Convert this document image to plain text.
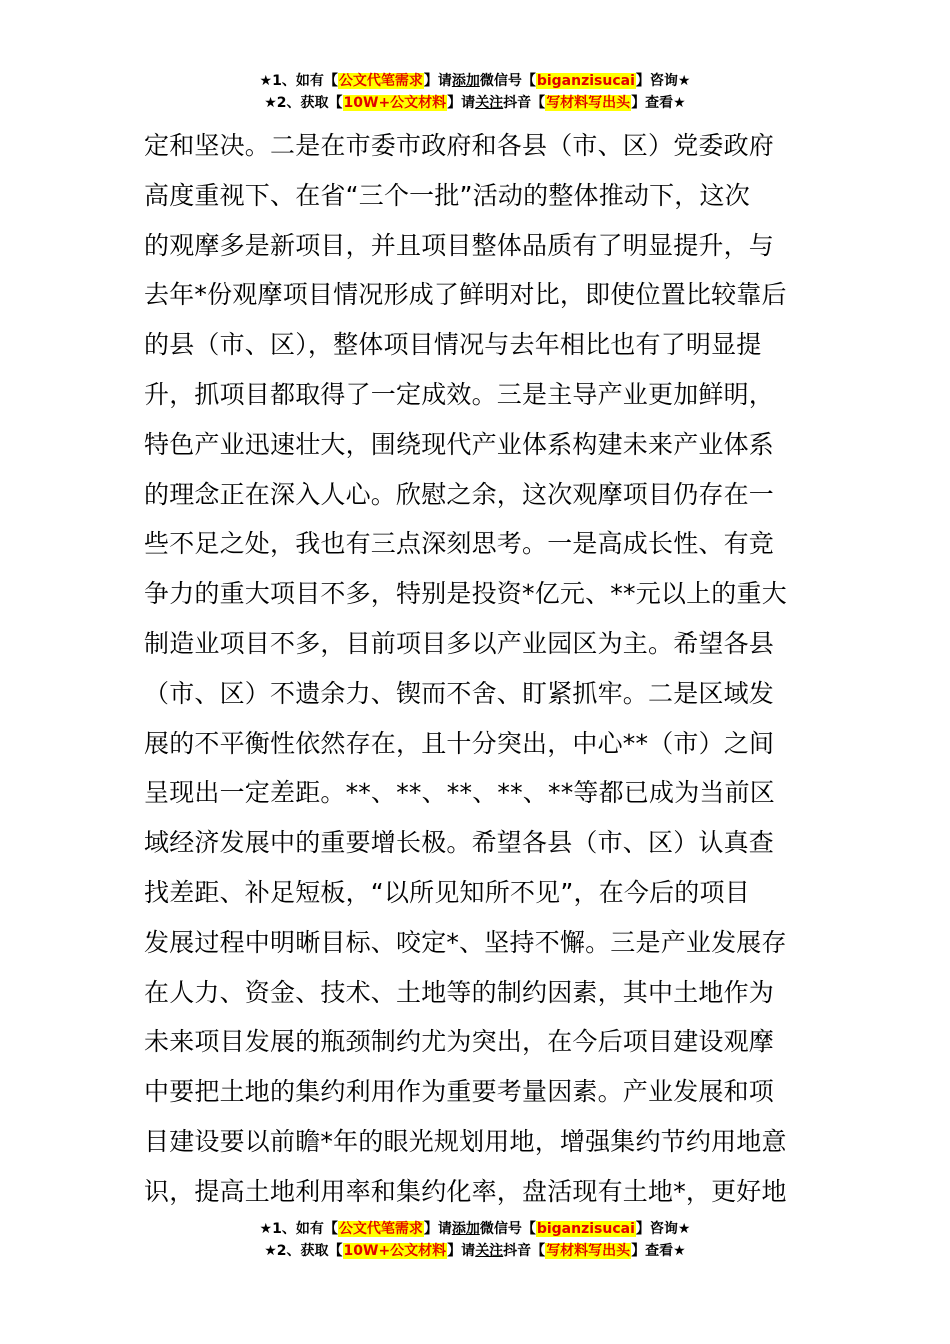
★1、如有【公文代笔需求】请添加微信号【biganzisucai】咨询★
★2、获取【10W+公文材料】请关注抖音【写材料写出头】查看★
定和坚决。二是在市委市政府和各县（市、区）党委政府
高度重视下、在省“三个一批”活动的整体推动下，这次
的观摩多是新项目，并且项目整体品质有了明显提升，与
去年*份观摩项目情况形成了鲜明对比，即使位置比较靠后
的县（市、区），整体项目情况与去年相比也有了明显提
升，抓项目都取得了一定成效。三是主导产业更加鲜明，
特色产业迅速壮大，围绕现代产业体系构建未来产业体系
的理念正在深入人心。欣慰之余，这次观摩项目仍存在一
些不足之处，我也有三点深刻思考。一是高成长性、有竞
争力的重大项目不多，特别是投资*亿元、**元以上的重大
制造业项目不多，目前项目多以产业园区为主。希望各县
（市、区）不遗余力、锲而不舍、盯紧抓牢。二是区域发
展的不平衡性依然存在，且十分突出，中心**（市）之间
呈现出一定差距。**、**、**、**、**等都已成为当前区
域经济发展中的重要增长极。希望各县（市、区）认真查
找差距、补足短板，“以所见知所不见”，在今后的项目
发展过程中明晰目标、咬定*、坚持不懈。三是产业发展存
在人力、资金、技术、土地等的制约因素，其中土地作为
未来项目发展的瓶颈制约尤为突出，在今后项目建设观摩
中要把土地的集约利用作为重要考量因素。产业发展和项
目建设要以前瞻*年的眼光规划用地，增强集约节约用地意
识，提高土地利用率和集约化率，盘活现有土地*，更好地
★1、如有【公文代笔需求】请添加微信号【biganzisucai】咨询★
★2、获取【10W+公文材料】请关注抖音【写材料写出头】查看★
